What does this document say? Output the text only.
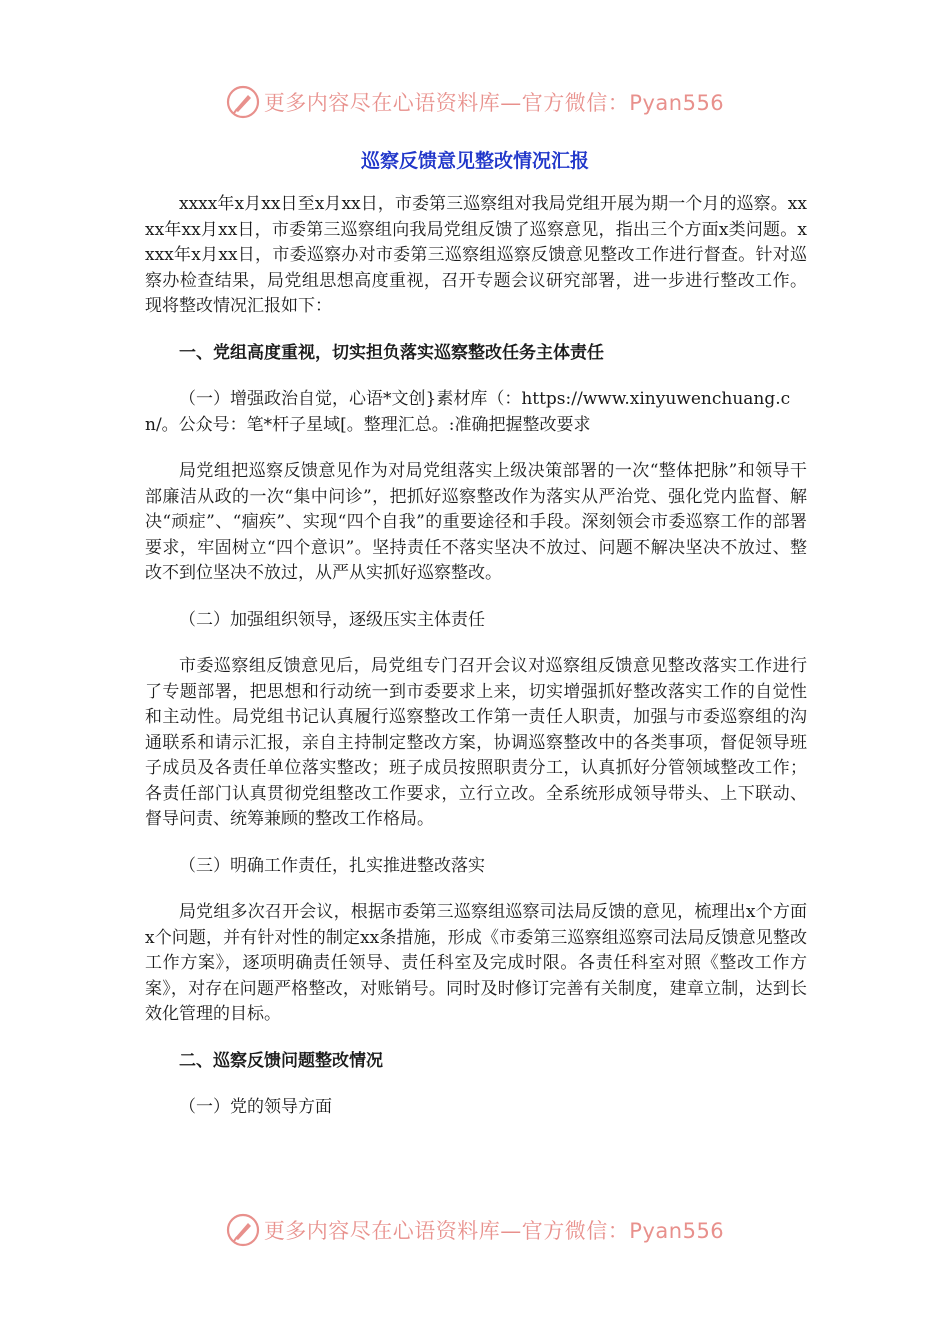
更多内容尽在心语资料库—官方微信：Pyan556
巡察反馈意见整改情况汇报

xxxx年x月xx日至x月xx日，市委第三巡察组对我局党组开展为期一个月的巡察。xxxx年xx月xx日，市委第三巡察组向我局党组反馈了巡察意见，指出三个方面x类问题。xxxx年x月xx日，市委巡察办对市委第三巡察组巡察反馈意见整改工作进行督查。针对巡察办检查结果，局党组思想高度重视，召开专题会议研究部署，进一步进行整改工作。现将整改情况汇报如下：

一、党组高度重视，切实担负落实巡察整改任务主体责任

（一）增强政治自觉，心语*文创}素材库（：https://www.xinyuwenchuang.cn/。公众号：笔*杆子星域[。整理汇总。:准确把握整改要求

局党组把巡察反馈意见作为对局党组落实上级决策部署的一次“整体把脉”和领导干部廉洁从政的一次“集中问诊”，把抓好巡察整改作为落实从严治党、强化党内监督、解决“顽症”、“痼疾”、实现“四个自我”的重要途径和手段。深刻领会市委巡察工作的部署要求，牢固树立“四个意识”。坚持责任不落实坚决不放过、问题不解决坚决不放过、整改不到位坚决不放过，从严从实抓好巡察整改。

（二）加强组织领导，逐级压实主体责任

市委巡察组反馈意见后，局党组专门召开会议对巡察组反馈意见整改落实工作进行了专题部署，把思想和行动统一到市委要求上来，切实增强抓好整改落实工作的自觉性和主动性。局党组书记认真履行巡察整改工作第一责任人职责，加强与市委巡察组的沟通联系和请示汇报，亲自主持制定整改方案，协调巡察整改中的各类事项，督促领导班子成员及各责任单位落实整改；班子成员按照职责分工，认真抓好分管领域整改工作；各责任部门认真贯彻党组整改工作要求，立行立改。全系统形成领导带头、上下联动、督导问责、统筹兼顾的整改工作格局。

（三）明确工作责任，扎实推进整改落实

局党组多次召开会议，根据市委第三巡察组巡察司法局反馈的意见，梳理出x个方面x个问题，并有针对性的制定xx条措施，形成《市委第三巡察组巡察司法局反馈意见整改工作方案》，逐项明确责任领导、责任科室及完成时限。各责任科室对照《整改工作方案》，对存在问题严格整改，对账销号。同时及时修订完善有关制度，建章立制，达到长效化管理的目标。

二、巡察反馈问题整改情况

（一）党的领导方面

更多内容尽在心语资料库—官方微信：Pyan556
